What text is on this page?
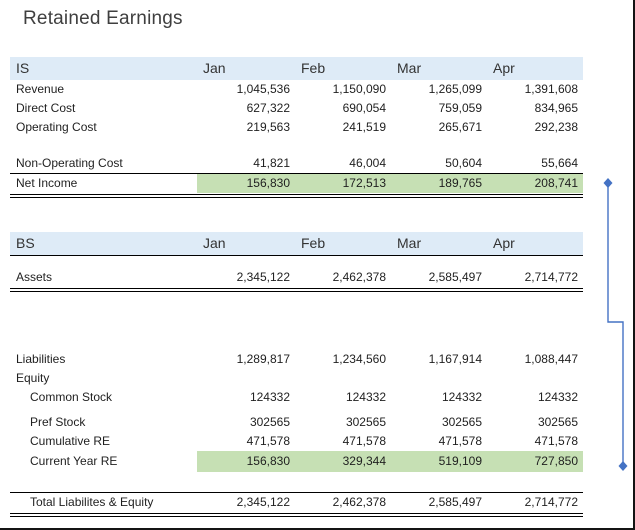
Retained Earnings
IS	Jan	Feb	Mar	Apr
Revenue	1,045,536	1,150,090	1,265,099	1,391,608
Direct Cost	627,322	690,054	759,059	834,965
Operating Cost	219,563	241,519	265,671	292,238
Non-Operating Cost	41,821	46,004	50,604	55,664
Net Income	156,830	172,513	189,765	208,741
BS	Jan	Feb	Mar	Apr
Assets	2,345,122	2,462,378	2,585,497	2,714,772
Liabilities	1,289,817	1,234,560	1,167,914	1,088,447
Equity
Common Stock	124332	124332	124332	124332
Pref Stock	302565	302565	302565	302565
Cumulative RE	471,578	471,578	471,578	471,578
Current Year RE	156,830	329,344	519,109	727,850
Total Liabilites & Equity	2,345,122	2,462,378	2,585,497	2,714,772
